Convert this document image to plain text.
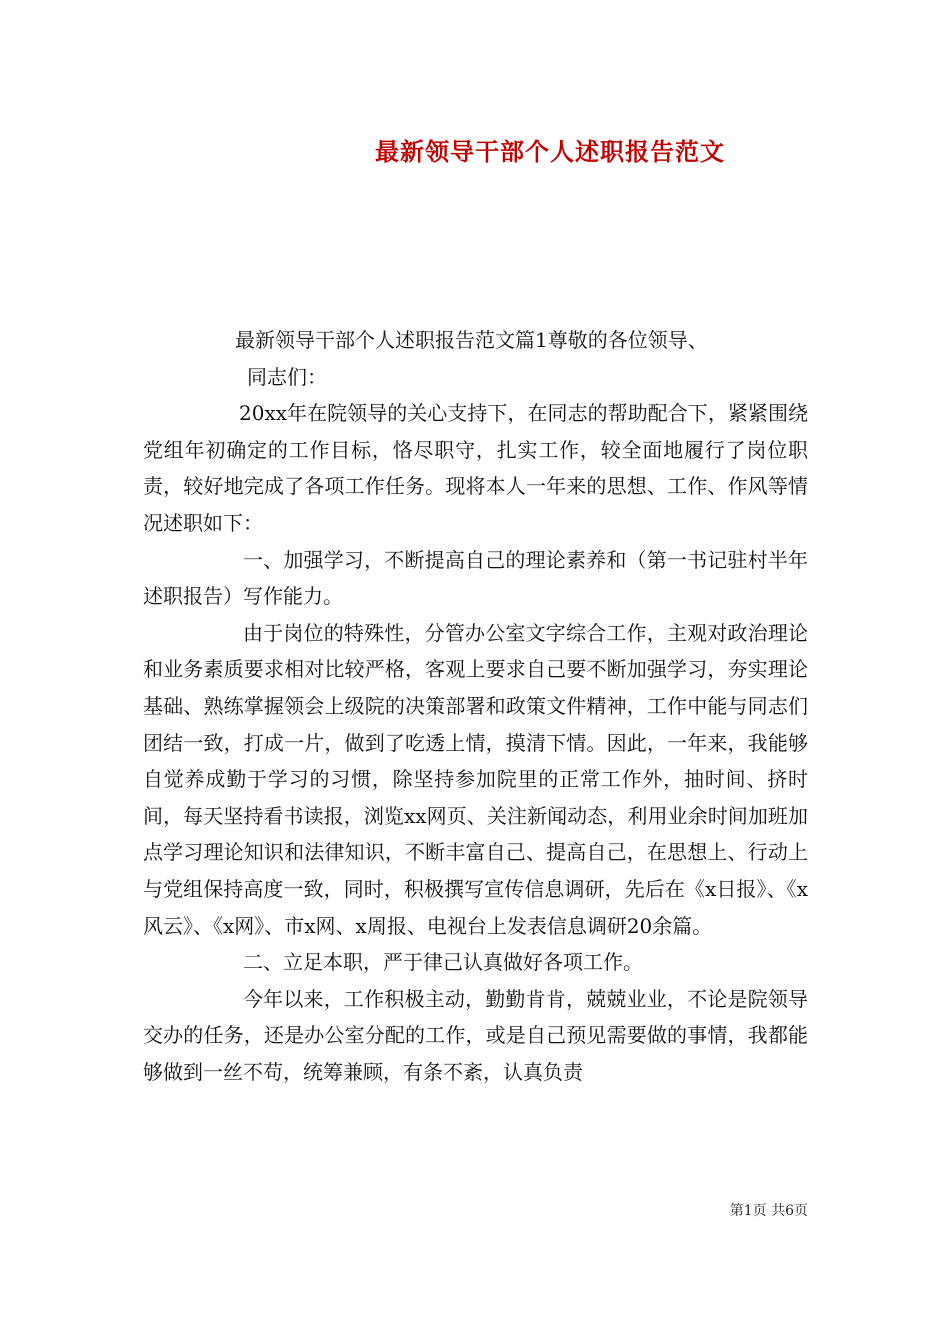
最新领导干部个人述职报告范文

最新领导干部个人述职报告范文篇1尊敬的各位领导、

同志们：

20xx年在院领导的关心支持下，在同志的帮助配合下，紧紧围绕党组年初确定的工作目标，恪尽职守，扎实工作，较全面地履行了岗位职责，较好地完成了各项工作任务。现将本人一年来的思想、工作、作风等情况述职如下：

一、加强学习，不断提高自己的理论素养和（第一书记驻村半年述职报告）写作能力。

由于岗位的特殊性，分管办公室文字综合工作，主观对政治理论和业务素质要求相对比较严格，客观上要求自己要不断加强学习，夯实理论基础、熟练掌握领会上级院的决策部署和政策文件精神，工作中能与同志们团结一致，打成一片，做到了吃透上情，摸清下情。因此，一年来，我能够自觉养成勤于学习的习惯，除坚持参加院里的正常工作外，抽时间、挤时间，每天坚持看书读报，浏览xx网页、关注新闻动态，利用业余时间加班加点学习理论知识和法律知识，不断丰富自己、提高自己，在思想上、行动上与党组保持高度一致，同时，积极撰写宣传信息调研，先后在《x日报》、《x风云》、《x网》、市x网、x周报、电视台上发表信息调研20余篇。

二、立足本职，严于律己认真做好各项工作。

今年以来，工作积极主动，勤勤肯肯，兢兢业业，不论是院领导交办的任务，还是办公室分配的工作，或是自己预见需要做的事情，我都能够做到一丝不苟，统筹兼顾，有条不紊，认真负责

第1页 共6页
